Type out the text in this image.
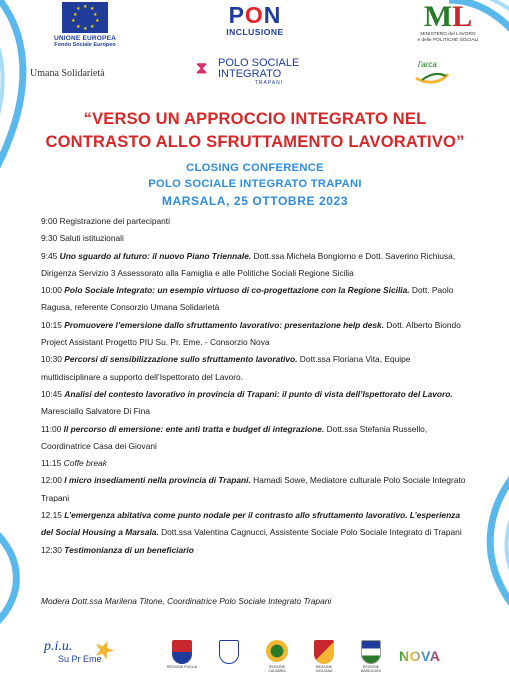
★ ★
★
★
★
★
★
★
★
★
UNIONE EUROPEA
Fondo Sociale Europeo
PON
INCLUSIONE	ML
MINISTERO del LAVORO
e delle POLITICHE SOCIALI
Umana Solidarietà	⧗ POLO SOCIALE
INTEGRATO
TRAPANI
l'arca
“VERSO UN APPROCCIO INTEGRATO NEL
CONTRASTO ALLO SFRUTTAMENTO LAVORATIVO”
CLOSING CONFERENCE
POLO SOCIALE INTEGRATO TRAPANI
MARSALA, 25 OTTOBRE 2023
9:00 Registrazione dei partecipanti
9:30 Saluti istituzionali
9:45 Uno sguardo al futuro: il nuovo Piano Triennale. Dott.ssa Michela Bongiorno e Dott. Saverino Richiusa, Dirigenza Servizio 3 Assessorato alla Famiglia e alle Politiche Sociali Regione Sicilia
10:00 Polo Sociale Integrato: un esempio virtuoso di co-progettazione con la Regione Sicilia. Dott. Paolo Ragusa, referente Consorzio Umana Solidarietà
10:15 Promuovere l’emersione dallo sfruttamento lavorativo: presentazione help desk. Dott. Alberto Biondo Project Assistant Progetto PIU Su. Pr. Eme. - Consorzio Nova
10:30 Percorsi di sensibilizzazione sullo sfruttamento lavorativo. Dott.ssa Floriana Vita, Equipe multidisciplinare a supporto dell’Ispettorato del Lavoro.
10:45 Analisi del contesto lavorativo in provincia di Trapani: il punto di vista dell’Ispettorato del Lavoro. Maresciallo Salvatore Di Fina
11:00 Il percorso di emersione: ente anti tratta e budget di integrazione. Dott.ssa Stefania Russello, Coordinatrice Casa dei Giovani
11:15 Coffe break
12:00 I micro insediamenti nella provincia di Trapani. Hamadi Sowe, Mediatore culturale Polo Sociale Integrato Trapani
12.15 L’emergenza abitativa come punto nodale per il contrasto allo sfruttamento lavorativo. L’esperienza del Social Housing a Marsala. Dott.ssa Valentina Cagnucci, Assistente Sociale Polo Sociale Integrato di Trapani
12:30 Testimonianza di un beneficiario
Modera Dott.ssa Marilena Titone, Coordinatrice Polo Sociale Integrato Trapani
p.i.u.
Su Pr Eme
REGIONE PUGLIA	REGIONE CALABRIA
REGIONE SICILIANA
REGIONE BASILICATA
NOVA
